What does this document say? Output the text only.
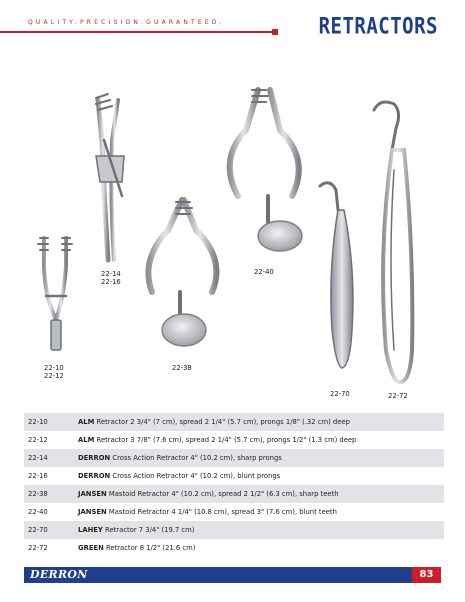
QUALITY.PRECISION.GUARANTEED.	RETRACTORS
22-10
22-12
22-14
22-16
22-38
22-40
22-70	22-72
22-10	ALM Retractor 2 3/4" (7 cm), spread 2 1/4" (5.7 cm), prongs 1/8" (.32 cm) deep
22-12	ALM Retractor 3 7/8" (7.6 cm), spread 2 1/4" (5.7 cm), prongs 1/2" (1.3 cm) deep
22-14	DERRON Cross Action Retractor 4" (10.2 cm), sharp prongs
22-16	DERRON Cross Action Retractor 4" (10.2 cm), blunt prongs
22-38	JANSEN Mastoid Retractor 4" (10.2 cm), spread 2 1/2" (6.3 cm), sharp teeth
22-40	JANSEN Mastoid Retractor 4 1/4" (10.8 cm), spread 3" (7.6 cm), blunt teeth
22-70	LAHEY Retractor 7 3/4" (19.7 cm)
22-72	GREEN Retractor 8 1/2" (21.6 cm)
DERRON	83
